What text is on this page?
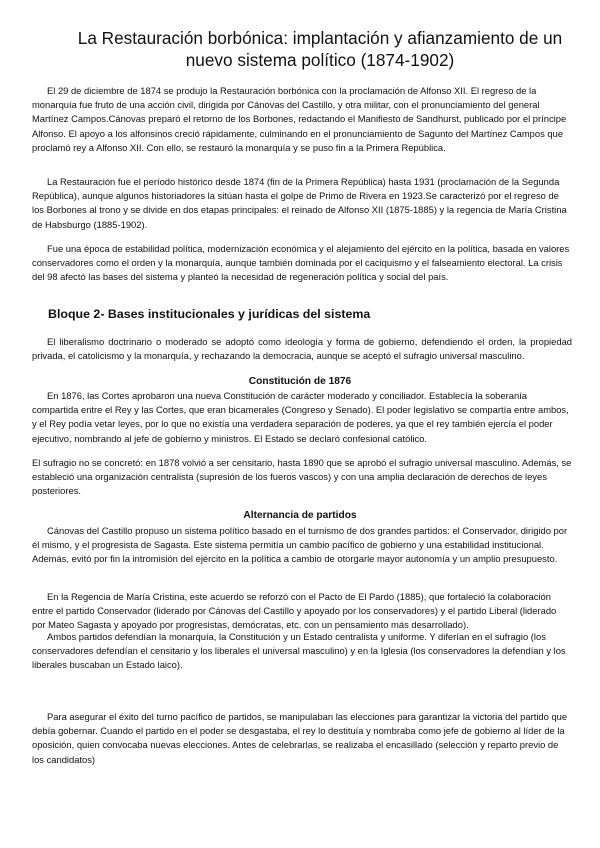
La Restauración borbónica: implantación y afianzamiento de un nuevo sistema político (1874-1902)

El 29 de diciembre de 1874 se produjo la Restauración borbónica con la proclamación de Alfonso XII. El regreso de la monarquía fue fruto de una acción civil, dirigida por Cánovas del Castillo, y otra militar, con el pronunciamiento del general Martínez Campos.Cánovas preparó el retorno de los Borbones, redactando el Manifiesto de Sandhurst, publicado por el príncipe Alfonso. El apoyo a los alfonsinos creció rápidamente, culminando en el pronunciamiento de Sagunto del Martínez Campos que proclamó rey a Alfonso XII. Con ello, se restauró la monarquía y se puso fin a la Primera República.

La Restauración fue el período histórico desde 1874 (fin de la Primera República) hasta 1931 (proclamación de la Segunda República), aunque algunos historiadores la sitúan hasta el golpe de Primo de Rivera en 1923.Se caracterizó por el regreso de los Borbones al trono y se divide en dos etapas principales: el reinado de Alfonso XII (1875-1885) y la regencia de María Cristina de Habsburgo (1885-1902).

Fue una época de estabilidad política, modernización económica y el alejamiento del ejército en la política, basada en valores conservadores como el orden y la monarquía, aunque también dominada por el caciquismo y el falseamiento electoral. La crisis del 98 afectó las bases del sistema y planteó la necesidad de regeneración política y social del país.

Bloque 2- Bases institucionales y jurídicas del sistema

El liberalismo doctrinario o moderado se adoptó como ideología y forma de gobierno, defendiendo el orden, la propiedad privada, el catolicismo y la monarquía, y rechazando la democracia, aunque se aceptó el sufragio universal masculino.

Constitución de 1876

En 1876, las Cortes aprobaron una nueva Constitución de carácter moderado y conciliador. Establecía la soberanía compartida entre el Rey y las Cortes, que eran bicamerales (Congreso y Senado). El poder legislativo se compartía entre ambos, y el Rey podía vetar leyes, por lo que no existía una verdadera separación de poderes, ya que el rey también ejercía el poder ejecutivo, nombrando al jefe de gobierno y ministros. El Estado se declaró confesional católico.

El sufragio no se concretó: en 1878 volvió a ser censitario, hasta 1890 que se aprobó el sufragio universal masculino. Además, se estableció una organización centralista (supresión de los fueros vascos) y con una amplia declaración de derechos de leyes posteriores.

Alternancia de partidos

Cánovas del Castillo propuso un sistema político basado en el turnismo de dos grandes partidos: el Conservador, dirigido por él mismo, y el progresista de Sagasta. Este sistema permitía un cambio pacífico de gobierno y una estabilidad institucional. Además, evitó por fin la intromisión del ejército en la política a cambio de otorgarle mayor autonomía y un amplio presupuesto.

En la Regencia de María Cristina, este acuerdo se reforzó con el Pacto de El Pardo (1885), que fortaleció la colaboración entre el partido Conservador (liderado por Cánovas del Castillo y apoyado por los conservadores) y el partido Liberal (liderado por Mateo Sagasta y apoyado por progresistas, demócratas, etc. con un pensamiento más desarrollado).

Ambos partidos defendían la monarquía, la Constitución y un Estado centralista y uniforme. Y diferían en el sufragio (los conservadores defendían el censitario y los liberales el universal masculino) y en la Iglesia (los conservadores la defendían y los liberales buscaban un Estado laico).

Para asegurar el éxito del turno pacífico de partidos, se manipulaban las elecciones para garantizar la victoria del partido que debía gobernar. Cuando el partido en el poder se desgastaba, el rey lo destituía y nombraba como jefe de gobierno al líder de la oposición, quien convocaba nuevas elecciones. Antes de celebrarlas, se realizaba el encasillado (selección y reparto previo de los candidatos)
